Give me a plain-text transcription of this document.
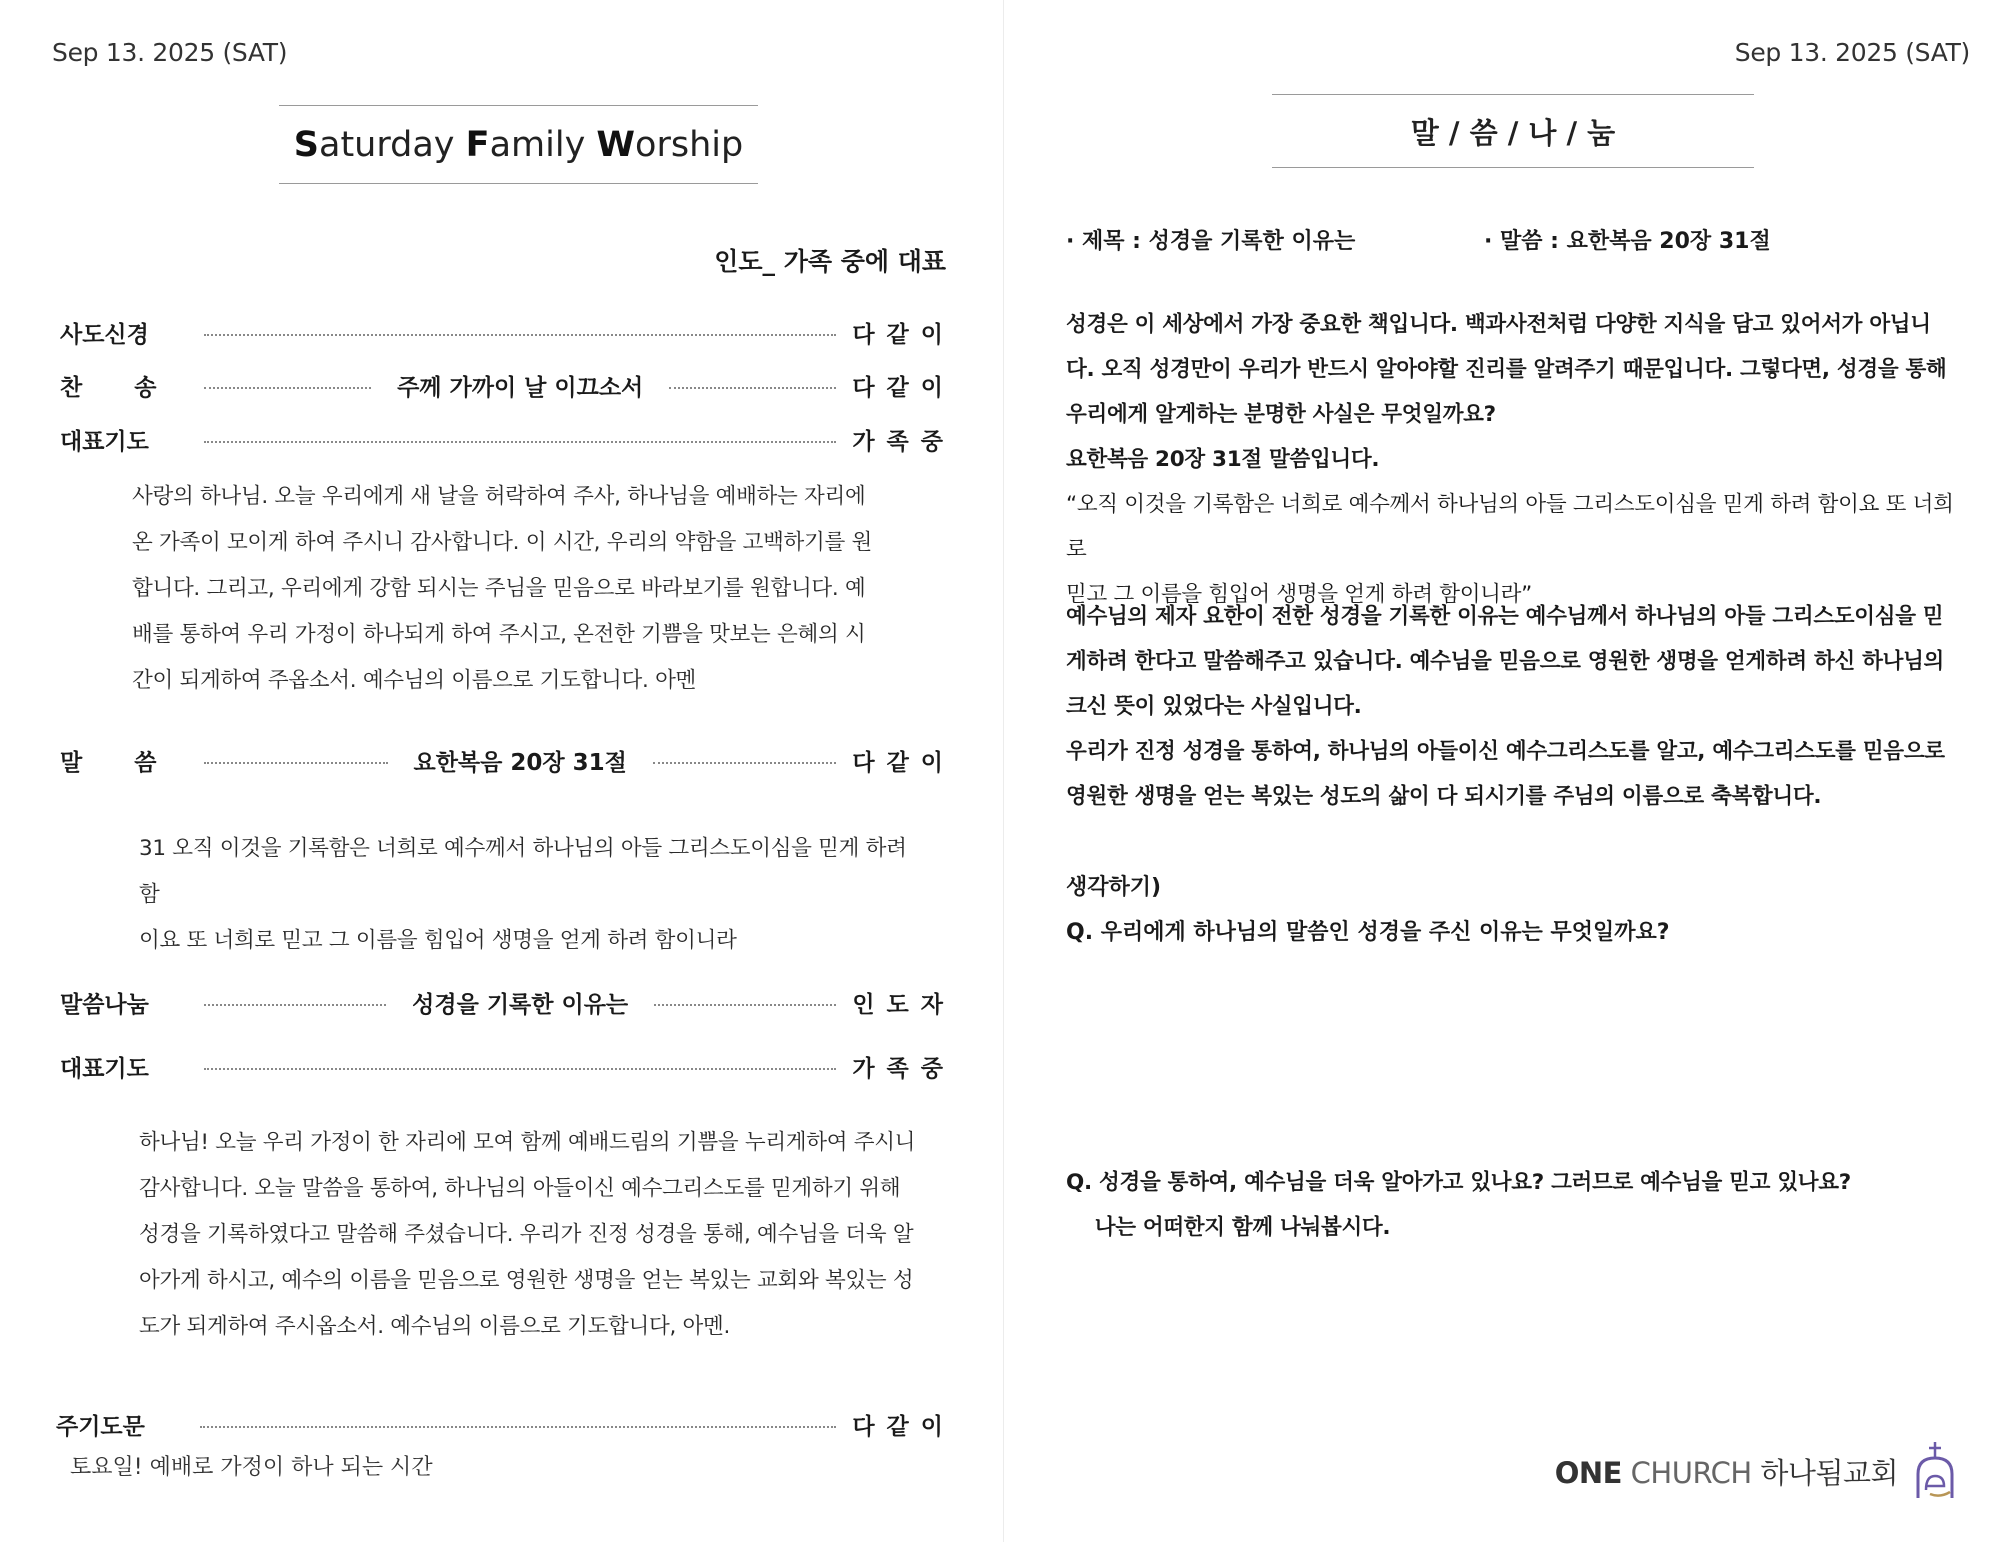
Sep 13. 2025 (SAT)
Saturday Family Worship
인도_ 가족 중에 대표
사도신경	다 같 이
찬 송	주께 가까이 날 이끄소서	다 같 이
대표기도	가 족 중

사랑의 하나님. 오늘 우리에게 새 날을 허락하여 주사, 하나님을 예배하는 자리에
온 가족이 모이게 하여 주시니 감사합니다. 이 시간, 우리의 약함을 고백하기를 원
합니다. 그리고, 우리에게 강함 되시는 주님을 믿음으로 바라보기를 원합니다. 예
배를 통하여 우리 가정이 하나되게 하여 주시고, 온전한 기쁨을 맛보는 은혜의 시
간이 되게하여 주옵소서. 예수님의 이름으로 기도합니다. 아멘

말 씀	요한복음 20장 31절	다 같 이

31 오직 이것을 기록함은 너희로 예수께서 하나님의 아들 그리스도이심을 믿게 하려 함
이요 또 너희로 믿고 그 이름을 힘입어 생명을 얻게 하려 함이니라

말씀나눔	성경을 기록한 이유는	인 도 자
대표기도	가 족 중

하나님! 오늘 우리 가정이 한 자리에 모여 함께 예배드림의 기쁨을 누리게하여 주시니
감사합니다. 오늘 말씀을 통하여, 하나님의 아들이신 예수그리스도를 믿게하기 위해
성경을 기록하였다고 말씀해 주셨습니다. 우리가 진정 성경을 통해, 예수님을 더욱 알
아가게 하시고, 예수의 이름을 믿음으로 영원한 생명을 얻는 복있는 교회와 복있는 성
도가 되게하여 주시옵소서. 예수님의 이름으로 기도합니다, 아멘.

주기도문	다 같 이
토요일! 예배로 가정이 하나 되는 시간
Sep 13. 2025 (SAT)
말 / 씀 / 나 / 눔
· 제목 : 성경을 기록한 이유는	· 말씀 : 요한복음 20장 31절

성경은 이 세상에서 가장 중요한 책입니다. 백과사전처럼 다양한 지식을 담고 있어서가 아닙니
다. 오직 성경만이 우리가 반드시 알아야할 진리를 알려주기 때문입니다. 그렇다면, 성경을 통해
우리에게 알게하는 분명한 사실은 무엇일까요?
요한복음 20장 31절 말씀입니다.

“오직 이것을 기록함은 너희로 예수께서 하나님의 아들 그리스도이심을 믿게 하려 함이요 또 너희로
믿고 그 이름을 힘입어 생명을 얻게 하려 함이니라”

예수님의 제자 요한이 전한 성경을 기록한 이유는 예수님께서 하나님의 아들 그리스도이심을 믿
게하려 한다고 말씀해주고 있습니다. 예수님을 믿음으로 영원한 생명을 얻게하려 하신 하나님의
크신 뜻이 있었다는 사실입니다.
우리가 진정 성경을 통하여, 하나님의 아들이신 예수그리스도를 알고, 예수그리스도를 믿음으로
영원한 생명을 얻는 복있는 성도의 삶이 다 되시기를 주님의 이름으로 축복합니다.

생각하기)
Q. 우리에게 하나님의 말씀인 성경을 주신 이유는 무엇일까요?

Q. 성경을 통하여, 예수님을 더욱 알아가고 있나요? 그러므로 예수님을 믿고 있나요?
나는 어떠한지 함께 나눠봅시다.

ONE CHURCH 하나됨교회
